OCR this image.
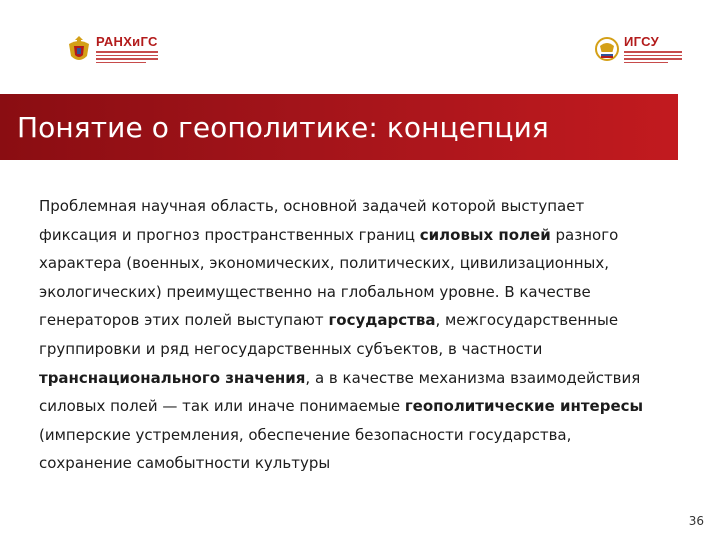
РАНХиГС	ИГСУ
Понятие о геополитике: концепция
Проблемная научная область, основной задачей которой выступает
фиксация и прогноз пространственных границ силовых полей разного
характера (военных, экономических, политических, цивилизационных,
экологических) преимущественно на глобальном уровне. В качестве
генераторов этих полей выступают государства, межгосударственные
группировки и ряд негосударственных субъектов, в частности
транснационального значения, а в качестве механизма взаимодействия
силовых полей — так или иначе понимаемые геополитические интересы
(имперские устремления, обеспечение безопасности государства,
сохранение самобытности культуры
36
